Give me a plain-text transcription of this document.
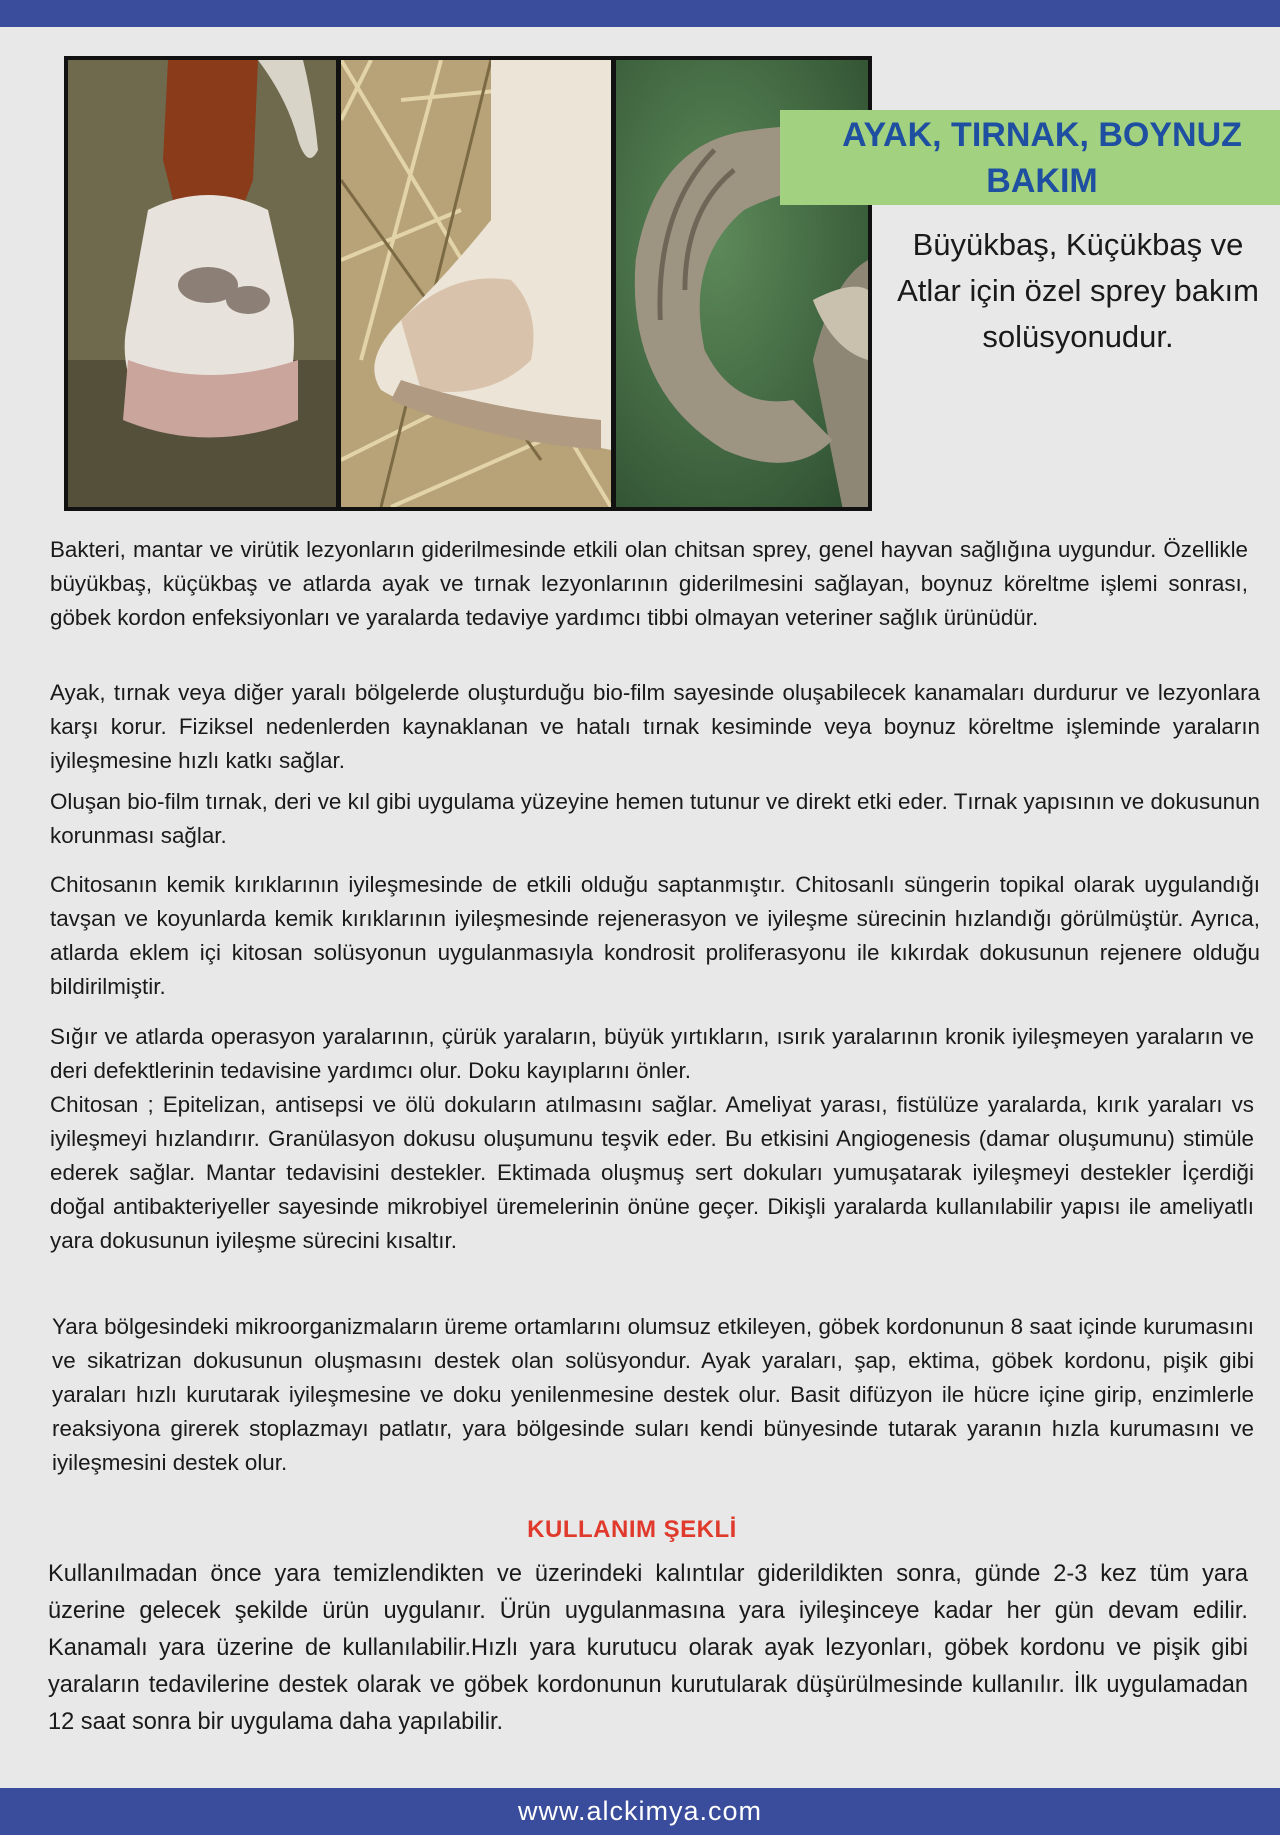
AYAK, TIRNAK, BOYNUZ BAKIM
Büyükbaş, Küçükbaş ve Atlar için özel sprey bakım solüsyonudur.

Bakteri, mantar ve virütik lezyonların giderilmesinde etkili olan chitsan sprey, genel hayvan sağlığına uygundur. Özellikle büyükbaş, küçükbaş ve atlarda ayak ve tırnak lezyonlarının giderilmesini sağlayan, boynuz köreltme işlemi sonrası, göbek kordon enfeksiyonları ve yaralarda tedaviye yardımcı tibbi olmayan veteriner sağlık ürünüdür.

Ayak, tırnak veya diğer yaralı bölgelerde oluşturduğu bio-film sayesinde oluşabilecek kanamaları durdurur ve lezyonlara karşı korur. Fiziksel nedenlerden kaynaklanan ve hatalı tırnak kesiminde veya boynuz köreltme işleminde yaraların iyileşmesine hızlı katkı sağlar.

Oluşan bio-film tırnak, deri ve kıl gibi uygulama yüzeyine hemen tutunur ve direkt etki eder. Tırnak yapısının ve dokusunun korunması sağlar.

Chitosanın kemik kırıklarının iyileşmesinde de etkili olduğu saptanmıştır. Chitosanlı süngerin topikal olarak uygulandığı tavşan ve koyunlarda kemik kırıklarının iyileşmesinde rejenerasyon ve iyileşme sürecinin hızlandığı görülmüştür. Ayrıca, atlarda eklem içi kitosan solüsyonun uygulanmasıyla kondrosit proliferasyonu ile kıkırdak dokusunun rejenere olduğu bildirilmiştir.

Sığır ve atlarda operasyon yaralarının, çürük yaraların, büyük yırtıkların, ısırık yaralarının kronik iyileşmeyen yaraların ve deri defektlerinin tedavisine yardımcı olur. Doku kayıplarını önler.

Chitosan ; Epitelizan, antisepsi ve ölü dokuların atılmasını sağlar. Ameliyat yarası, fistülüze yaralarda, kırık yaraları vs iyileşmeyi hızlandırır. Granülasyon dokusu oluşumunu teşvik eder. Bu etkisini Angiogenesis (damar oluşumunu) stimüle ederek sağlar. Mantar tedavisini destekler. Ektimada oluşmuş sert dokuları yumuşatarak iyileşmeyi destekler İçerdiği doğal antibakteriyeller sayesinde mikrobiyel üremelerinin önüne geçer. Dikişli yaralarda kullanılabilir yapısı ile ameliyatlı yara dokusunun iyileşme sürecini kısaltır.

Yara bölgesindeki mikroorganizmaların üreme ortamlarını olumsuz etkileyen, göbek kordonunun 8 saat içinde kurumasını ve sikatrizan dokusunun oluşmasını destek olan solüsyondur. Ayak yaraları, şap, ektima, göbek kordonu, pişik gibi yaraları hızlı kurutarak iyileşmesine ve doku yenilenmesine destek olur. Basit difüzyon ile hücre içine girip, enzimlerle reaksiyona girerek stoplazmayı patlatır, yara bölgesinde suları kendi bünyesinde tutarak yaranın hızla kurumasını ve iyileşmesini destek olur.

KULLANIM ŞEKLİ

Kullanılmadan önce yara temizlendikten ve üzerindeki kalıntılar giderildikten sonra, günde 2-3 kez tüm yara üzerine gelecek şekilde ürün uygulanır. Ürün uygulanmasına yara iyileşinceye kadar her gün devam edilir. Kanamalı yara üzerine de kullanılabilir.Hızlı yara kurutucu olarak ayak lezyonları, göbek kordonu ve pişik gibi yaraların tedavilerine destek olarak ve göbek kordonunun kurutularak düşürülmesinde kullanılır. İlk uygulamadan 12 saat sonra bir uygulama daha yapılabilir.

www.alckimya.com
